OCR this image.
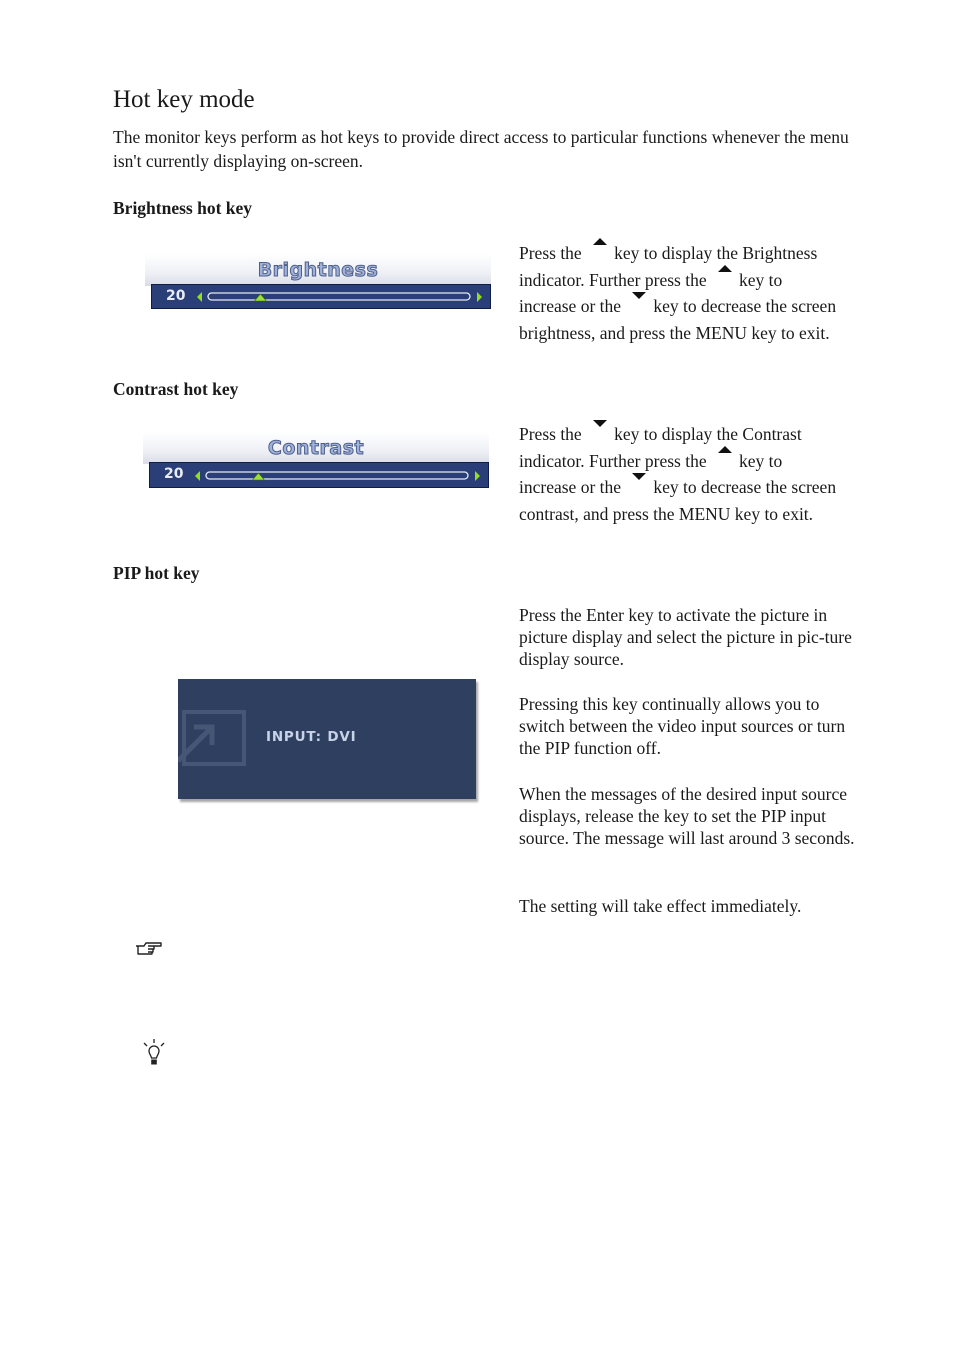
Hot key mode

The monitor keys perform as hot keys to provide direct access to particular functions whenever the menu isn't currently displaying on-screen.

Brightness hot key

Brightness
20
Press the key to display the Brightness
indicator. Further press the key to
increase or the key to decrease the screen
brightness, and press the MENU key to exit.

Contrast hot key

Contrast
20
Press the key to display the Contrast
indicator. Further press the key to
increase or the key to decrease the screen
contrast, and press the MENU key to exit.

PIP hot key

INPUT: DVI

Press the Enter key to activate the picture in picture display and select the picture in pic-ture display source.

Pressing this key continually allows you to switch between the video input sources or turn the PIP function off.

When the messages of the desired input source displays, release the key to set the PIP input source. The message will last around 3 seconds.

The setting will take effect immediately.
